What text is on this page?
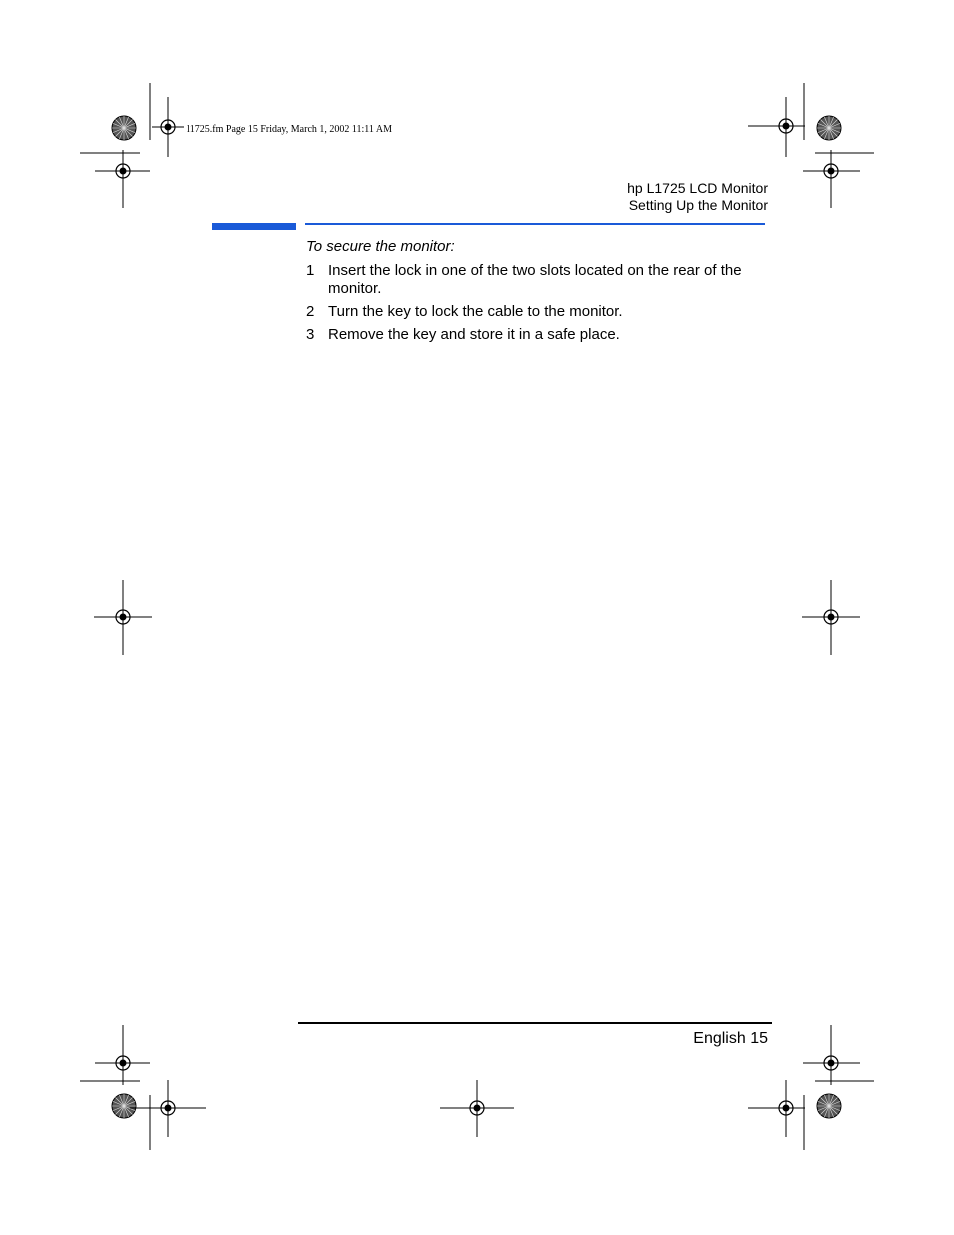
l1725.fm Page 15 Friday, March 1, 2002 11:11 AM
hp L1725 LCD Monitor
Setting Up the Monitor
To secure the monitor:
1 Insert the lock in one of the two slots located on the rear of the monitor.
2 Turn the key to lock the cable to the monitor.
3 Remove the key and store it in a safe place.
English 15
